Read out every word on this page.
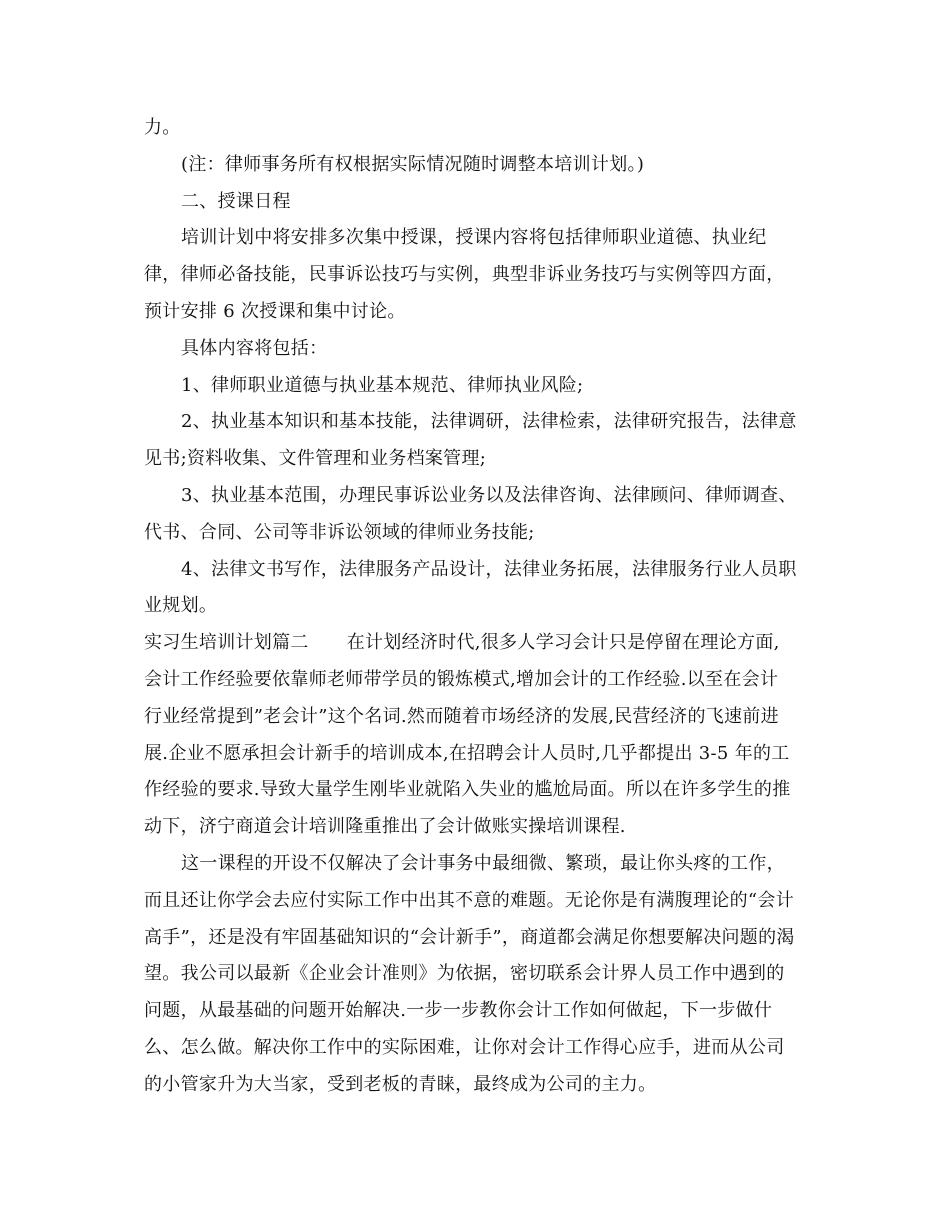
力。
(注：律师事务所有权根据实际情况随时调整本培训计划。)
二、授课日程
培训计划中将安排多次集中授课，授课内容将包括律师职业道德、执业纪
律，律师必备技能，民事诉讼技巧与实例，典型非诉业务技巧与实例等四方面，
预计安排 6 次授课和集中讨论。
具体内容将包括：
1、律师职业道德与执业基本规范、律师执业风险;
2、执业基本知识和基本技能，法律调研，法律检索，法律研究报告，法律意
见书;资料收集、文件管理和业务档案管理;
3、执业基本范围，办理民事诉讼业务以及法律咨询、法律顾问、律师调查、
代书、合同、公司等非诉讼领域的律师业务技能;
4、法律文书写作，法律服务产品设计，法律业务拓展，法律服务行业人员职
业规划。
实习生培训计划篇二 在计划经济时代,很多人学习会计只是停留在理论方面,
会计工作经验要依靠师老师带学员的锻炼模式,增加会计的工作经验.以至在会计
行业经常提到”老会计”这个名词.然而随着市场经济的发展,民营经济的飞速前进
展.企业不愿承担会计新手的培训成本,在招聘会计人员时,几乎都提出 3-5 年的工
作经验的要求.导致大量学生刚毕业就陷入失业的尴尬局面。所以在许多学生的推
动下，济宁商道会计培训隆重推出了会计做账实操培训课程.
这一课程的开设不仅解决了会计事务中最细微、繁琐，最让你头疼的工作，
而且还让你学会去应付实际工作中出其不意的难题。无论你是有满腹理论的“会计
高手”，还是没有牢固基础知识的“会计新手”，商道都会满足你想要解决问题的渴
望。我公司以最新《企业会计准则》为依据，密切联系会计界人员工作中遇到的
问题，从最基础的问题开始解决.一步一步教你会计工作如何做起，下一步做什
么、怎么做。解决你工作中的实际困难，让你对会计工作得心应手，进而从公司
的小管家升为大当家，受到老板的青睐，最终成为公司的主力。
